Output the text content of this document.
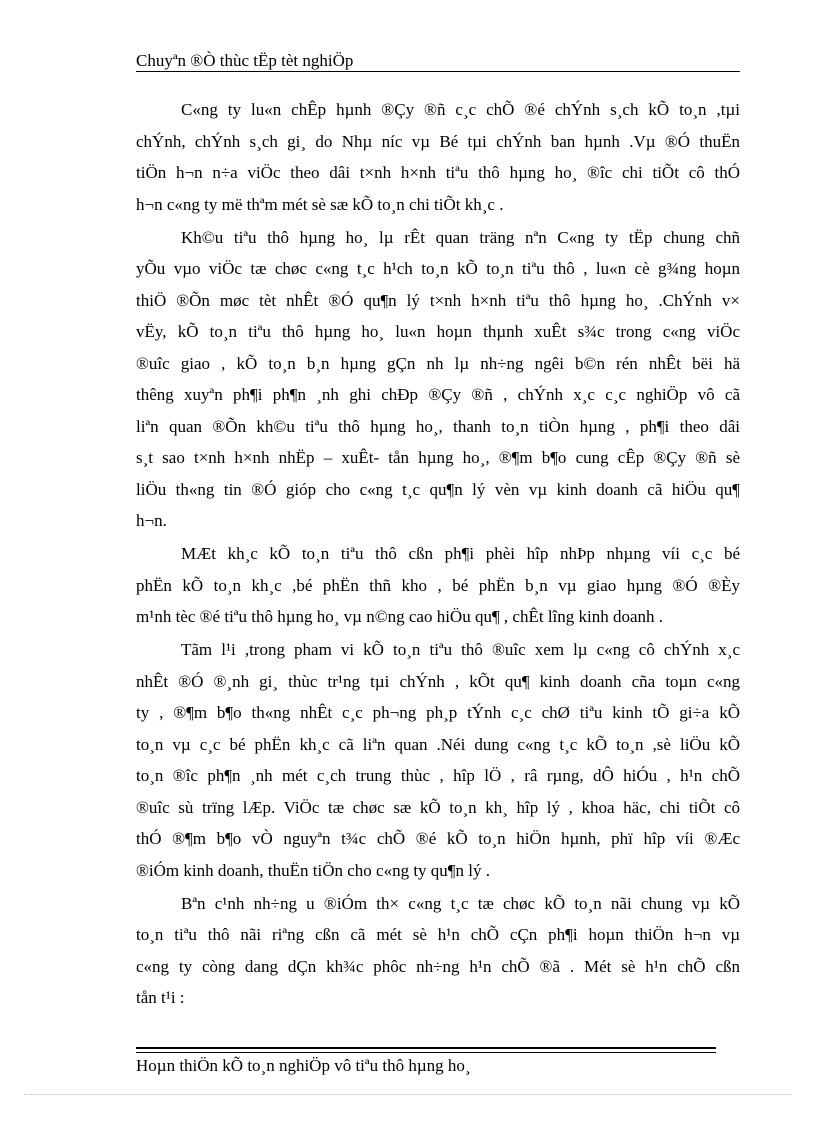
Chuyªn ®Ò thùc tËp tèt nghiÖp
C«ng ty lu«n chÊp hµnh ®Çy ®ñ c¸c chÕ ®é chÝnh s¸ch kÕ to¸n ,tµi
chÝnh, chÝnh s¸ch gi¸ do Nhµ níc vµ Bé tµi chÝnh ban hµnh .Vµ ®Ó thuËn
tiÖn h¬n n÷a viÖc theo dâi t×nh h×nh tiªu thô hµng ho¸ ®îc chi tiÕt cô thÓ
h¬n c«ng ty më thªm mét sè sæ kÕ to¸n chi tiÕt kh¸c .
Kh©u tiªu thô hµng ho¸ lµ rÊt quan träng nªn C«ng ty tËp chung chñ
yÕu vµo viÖc tæ chøc c«ng t¸c h¹ch to¸n kÕ to¸n tiªu thô , lu«n cè g¾ng hoµn
thiÖ ®Õn møc tèt nhÊt ®Ó qu¶n lý t×nh h×nh tiªu thô hµng ho¸ .ChÝnh v×
vËy, kÕ to¸n tiªu thô hµng ho¸ lu«n hoµn thµnh xuÊt s¾c trong c«ng viÖc
®uîc giao , kÕ to¸n b¸n hµng gÇn nh lµ nh÷ng ngêi b©n rén nhÊt bëi hä
thêng xuyªn ph¶i ph¶n ¸nh ghi chÐp ®Çy ®ñ , chÝnh x¸c c¸c nghiÖp vô cã
liªn quan ®Õn kh©u tiªu thô hµng ho¸, thanh to¸n tiÒn hµng , ph¶i theo dâi
s¸t sao t×nh h×nh nhËp – xuÊt- tån hµng ho¸, ®¶m b¶o cung cÊp ®Çy ®ñ sè
liÖu th«ng tin ®Ó gióp cho c«ng t¸c qu¶n lý vèn vµ kinh doanh cã hiÖu qu¶
h¬n.
MÆt kh¸c kÕ to¸n tiªu thô cßn ph¶i phèi hîp nhÞp nhµng víi c¸c bé
phËn kÕ to¸n kh¸c ,bé phËn thñ kho , bé phËn b¸n vµ giao hµng ®Ó ®Èy
m¹nh tèc ®é tiªu thô hµng ho¸ vµ n©ng cao hiÖu qu¶ , chÊt lîng kinh doanh .
Tãm l¹i ,trong pham vi kÕ to¸n tiªu thô ®uîc xem lµ c«ng cô chÝnh x¸c
nhÊt ®Ó ®¸nh gi¸ thùc tr¹ng tµi chÝnh , kÕt qu¶ kinh doanh cña toµn c«ng
ty , ®¶m b¶o th«ng nhÊt c¸c ph¬ng ph¸p tÝnh c¸c chØ tiªu kinh tÕ gi÷a kÕ
to¸n vµ c¸c bé phËn kh¸c cã liªn quan .Néi dung c«ng t¸c kÕ to¸n ,sè liÖu kÕ
to¸n ®îc ph¶n ¸nh mét c¸ch trung thùc , hîp lÖ , râ rµng, dÔ hiÓu , h¹n chÕ
®uîc sù trïng lÆp. ViÖc tæ chøc sæ kÕ to¸n kh¸ hîp lý , khoa häc, chi tiÕt cô
thÓ ®¶m b¶o vÒ nguyªn t¾c chÕ ®é kÕ to¸n hiÖn hµnh, phï hîp víi ®Æc
®iÓm kinh doanh, thuËn tiÖn cho c«ng ty qu¶n lý .
Bªn c¹nh nh÷ng u ®iÓm th× c«ng t¸c tæ chøc kÕ to¸n nãi chung vµ kÕ
to¸n tiªu thô nãi riªng cßn cã mét sè h¹n chÕ cÇn ph¶i hoµn thiÖn h¬n vµ
c«ng ty còng dang dÇn kh¾c phôc nh÷ng h¹n chÕ ®ã . Mét sè h¹n chÕ cßn
tån t¹i :
Hoµn thiÖn kÕ to¸n nghiÖp vô tiªu thô hµng ho¸
